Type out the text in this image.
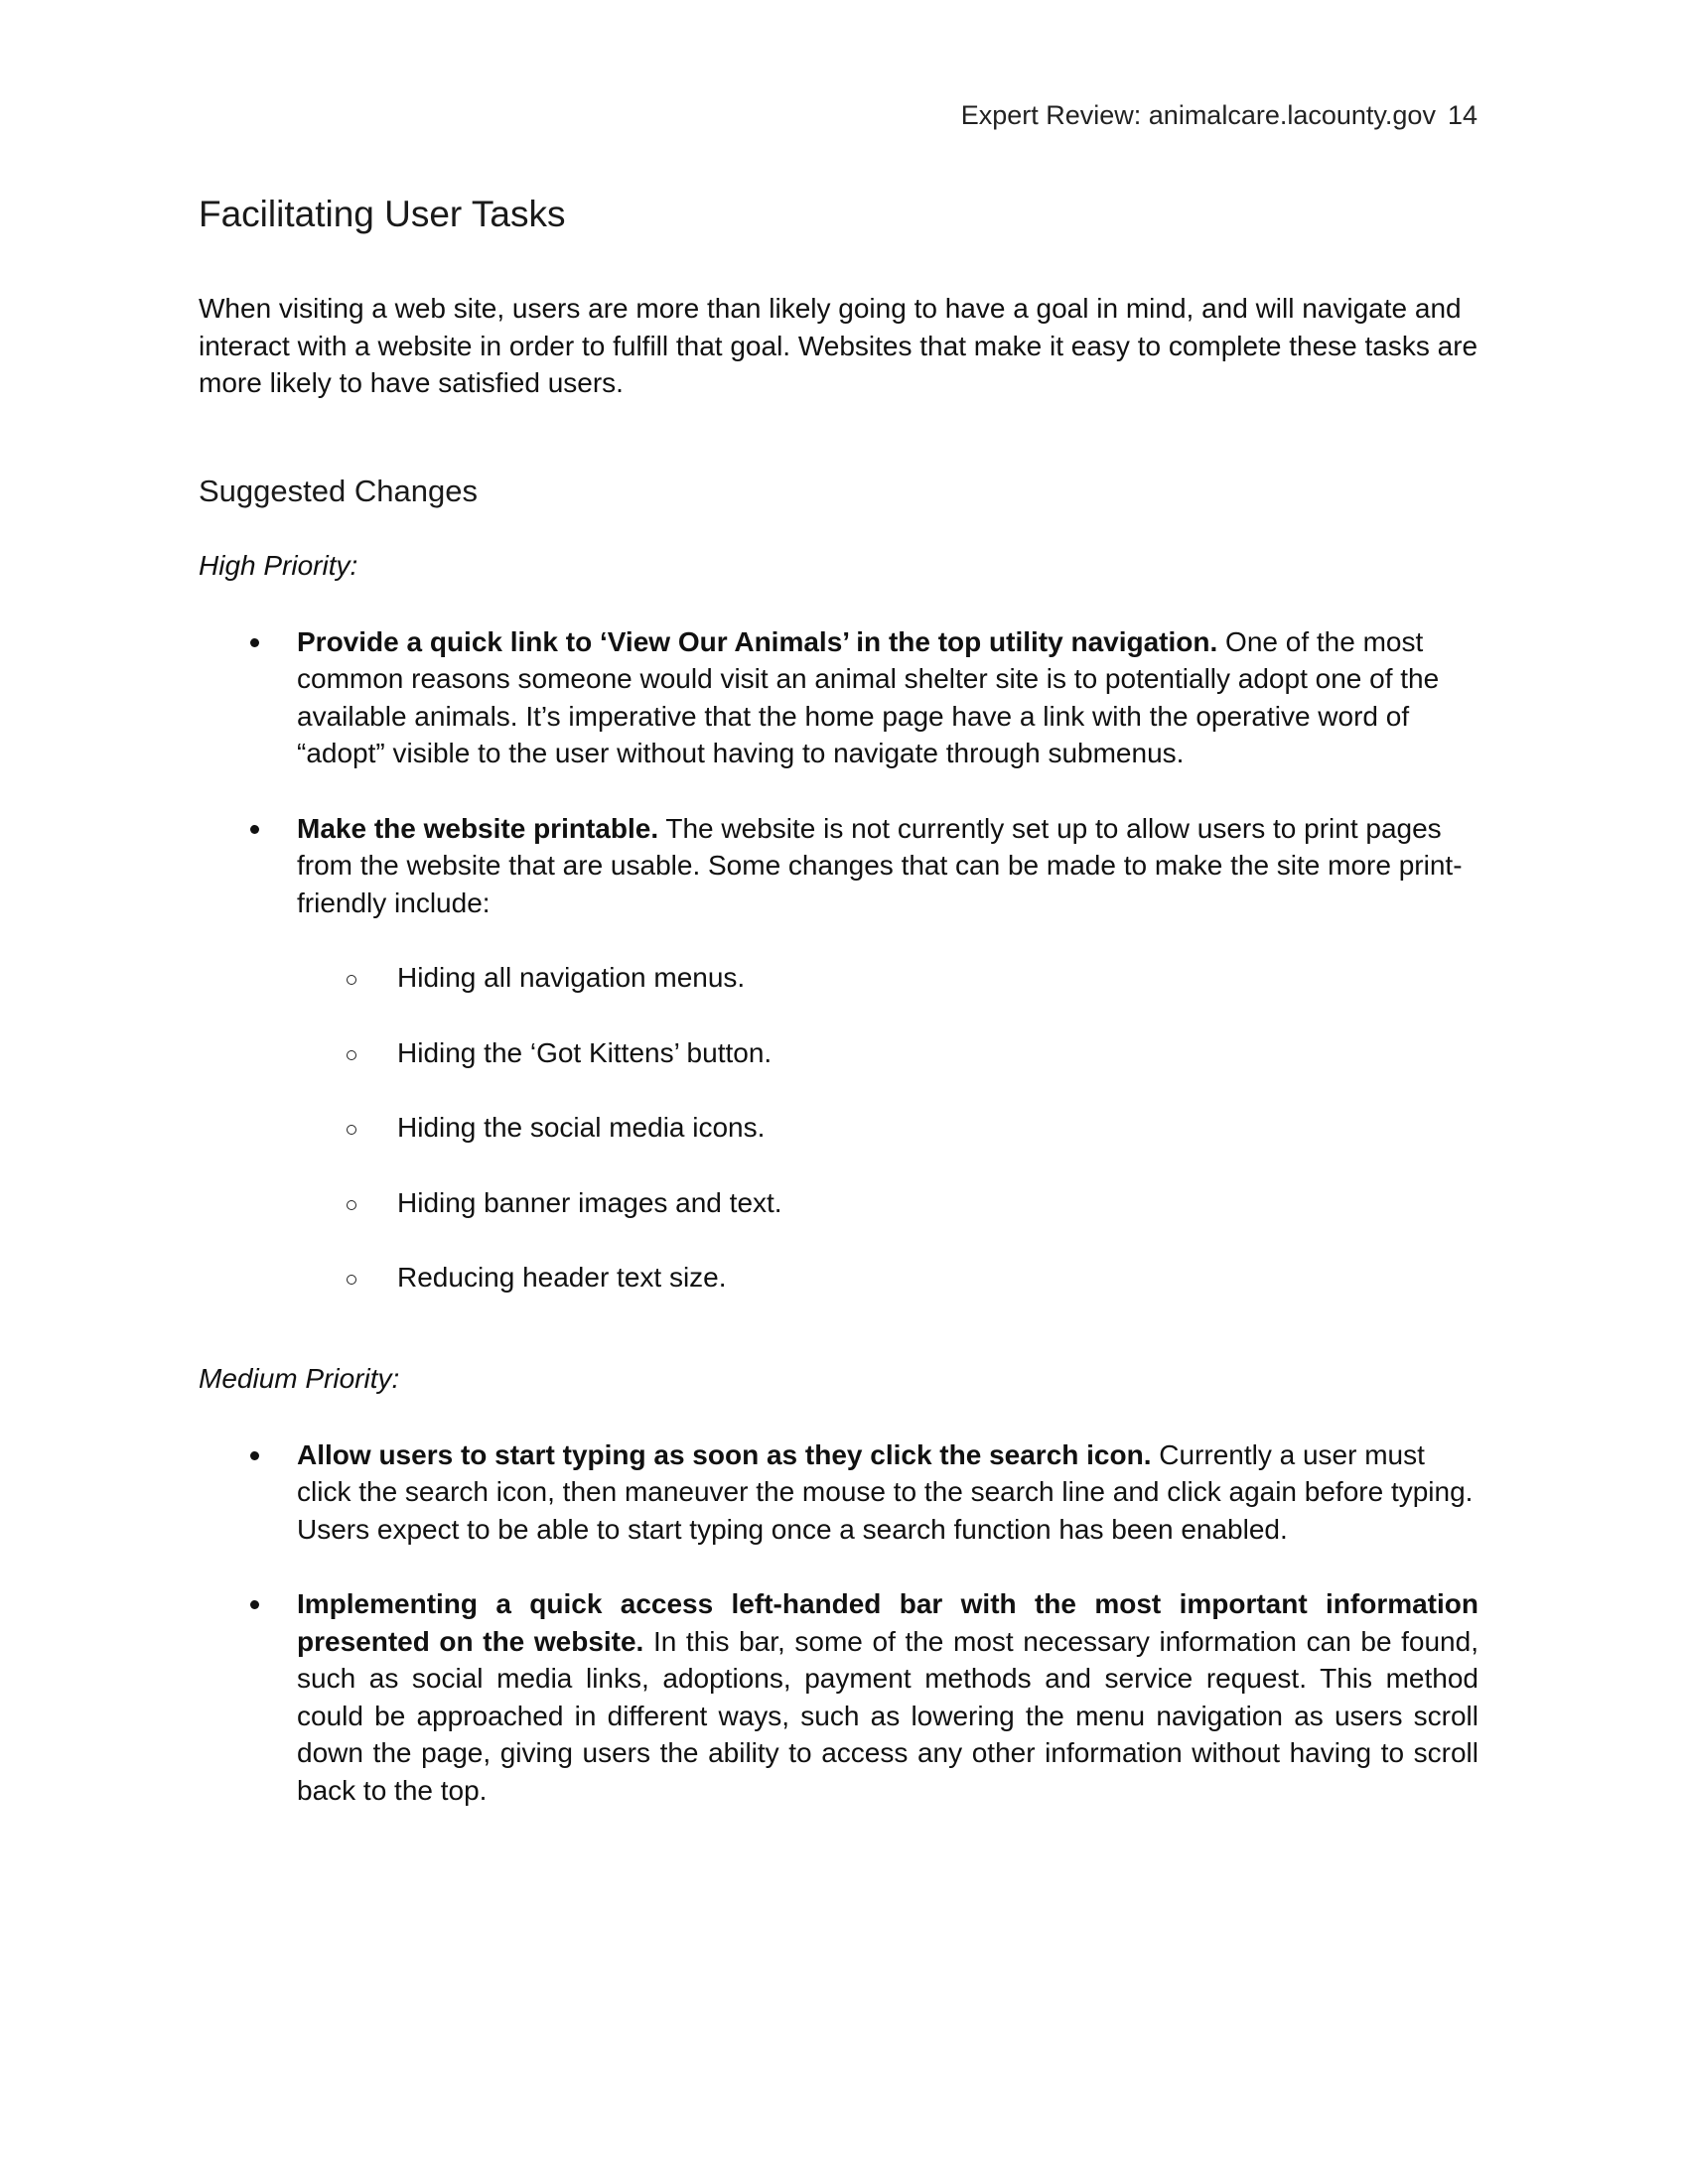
Expert Review: animalcare.lacounty.gov 14
Facilitating User Tasks

When visiting a web site, users are more than likely going to have a goal in mind, and will navigate and interact with a website in order to fulfill that goal. Websites that make it easy to complete these tasks are more likely to have satisfied users.

Suggested Changes
High Priority:
Provide a quick link to ‘View Our Animals’ in the top utility navigation. One of the most common reasons someone would visit an animal shelter site is to potentially adopt one of the available animals. It’s imperative that the home page have a link with the operative word of “adopt” visible to the user without having to navigate through submenus.
Make the website printable. The website is not currently set up to allow users to print pages from the website that are usable. Some changes that can be made to make the site more print-friendly include:
Hiding all navigation menus.
Hiding the ‘Got Kittens’ button.
Hiding the social media icons.
Hiding banner images and text.
Reducing header text size.
Medium Priority:
Allow users to start typing as soon as they click the search icon. Currently a user must click the search icon, then maneuver the mouse to the search line and click again before typing. Users expect to be able to start typing once a search function has been enabled.
Implementing a quick access left-handed bar with the most important information presented on the website. In this bar, some of the most necessary information can be found, such as social media links, adoptions, payment methods and service request. This method could be approached in different ways, such as lowering the menu navigation as users scroll down the page, giving users the ability to access any other information without having to scroll back to the top.
